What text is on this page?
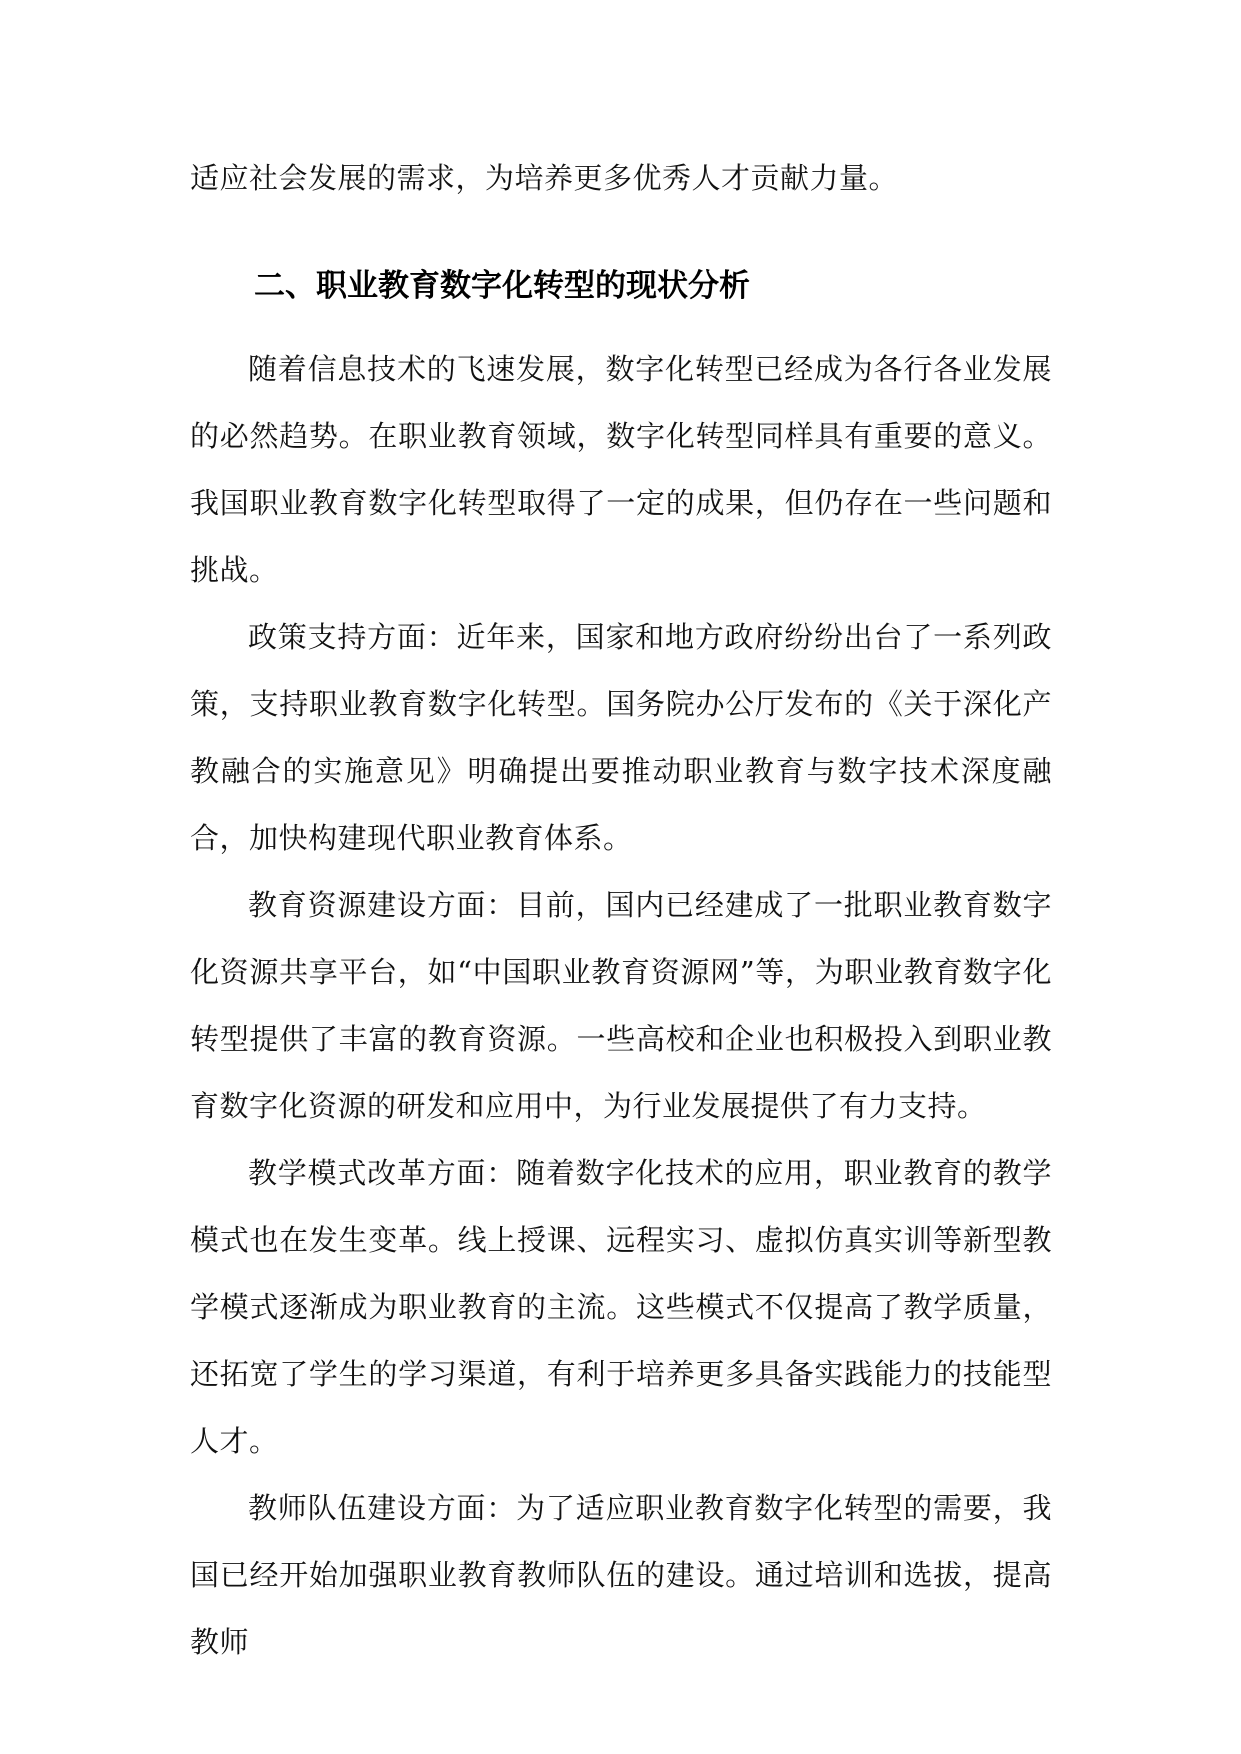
适应社会发展的需求，为培养更多优秀人才贡献力量。

二、职业教育数字化转型的现状分析

随着信息技术的飞速发展，数字化转型已经成为各行各业发展的必然趋势。在职业教育领域，数字化转型同样具有重要的意义。我国职业教育数字化转型取得了一定的成果，但仍存在一些问题和挑战。

政策支持方面：近年来，国家和地方政府纷纷出台了一系列政策，支持职业教育数字化转型。国务院办公厅发布的《关于深化产教融合的实施意见》明确提出要推动职业教育与数字技术深度融合，加快构建现代职业教育体系。

教育资源建设方面：目前，国内已经建成了一批职业教育数字化资源共享平台，如“中国职业教育资源网”等，为职业教育数字化转型提供了丰富的教育资源。一些高校和企业也积极投入到职业教育数字化资源的研发和应用中，为行业发展提供了有力支持。

教学模式改革方面：随着数字化技术的应用，职业教育的教学模式也在发生变革。线上授课、远程实习、虚拟仿真实训等新型教学模式逐渐成为职业教育的主流。这些模式不仅提高了教学质量，还拓宽了学生的学习渠道，有利于培养更多具备实践能力的技能型人才。

教师队伍建设方面：为了适应职业教育数字化转型的需要，我国已经开始加强职业教育教师队伍的建设。通过培训和选拔，提高教师
